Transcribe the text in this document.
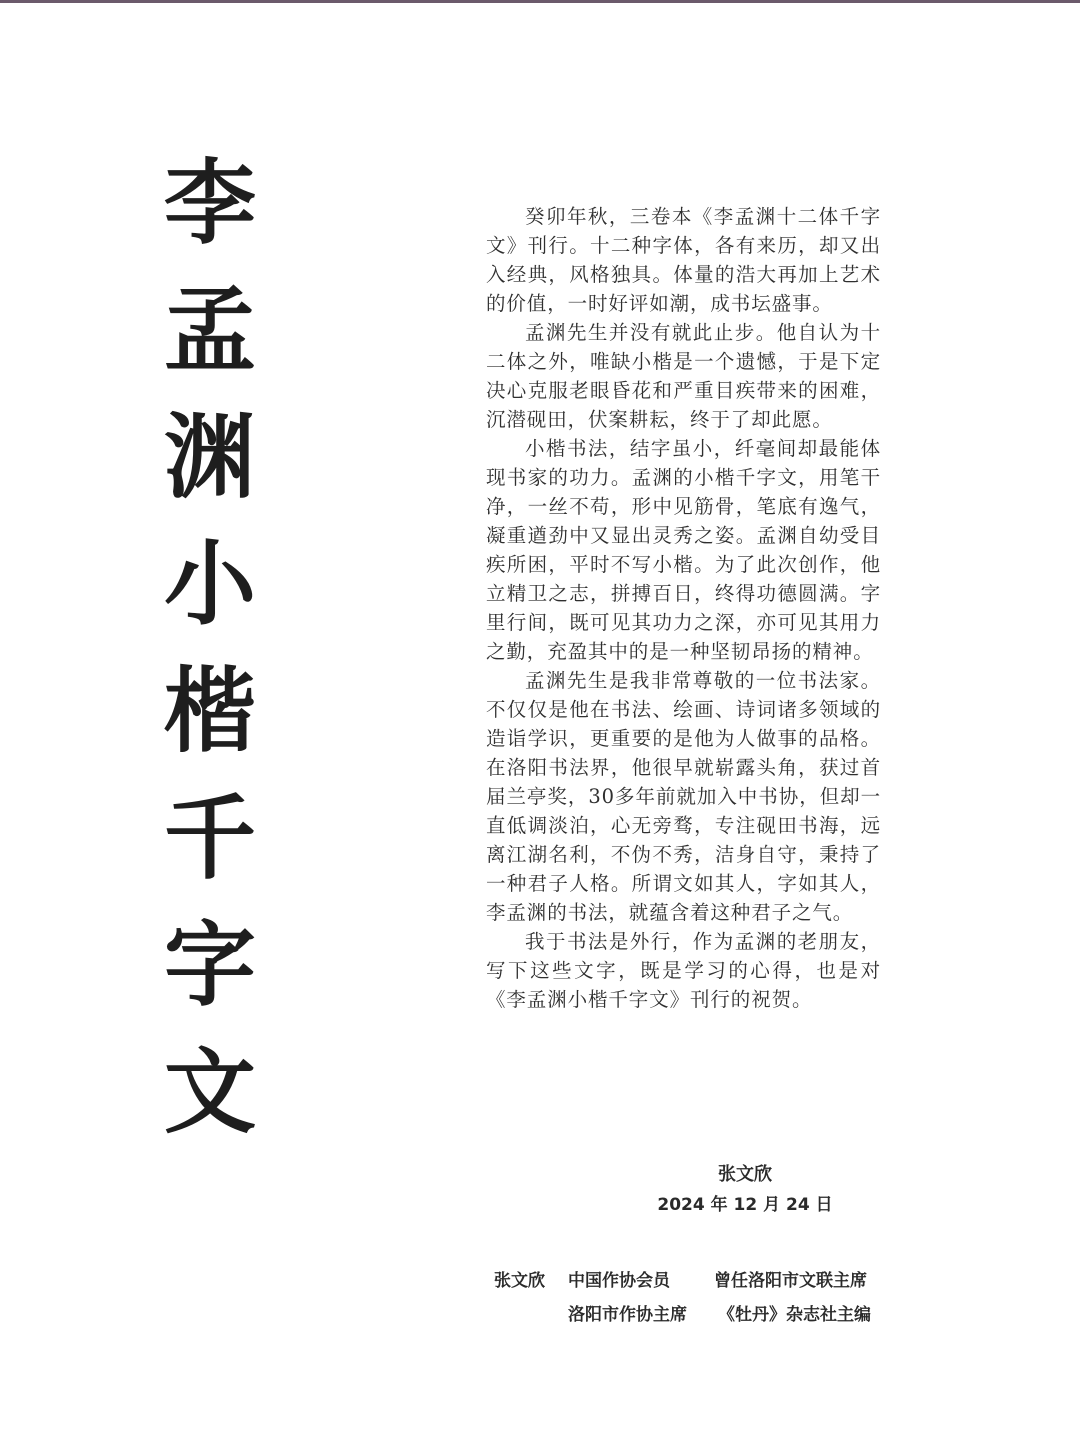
李
孟
渊
小
楷
千
字
文

癸卯年秋，三卷本《李孟渊十二体千字文》刊行。十二种字体，各有来历，却又出入经典，风格独具。体量的浩大再加上艺术的价值，一时好评如潮，成书坛盛事。

孟渊先生并没有就此止步。他自认为十二体之外，唯缺小楷是一个遗憾，于是下定决心克服老眼昏花和严重目疾带来的困难，沉潜砚田，伏案耕耘，终于了却此愿。

小楷书法，结字虽小，纤毫间却最能体现书家的功力。孟渊的小楷千字文，用笔干净，一丝不苟，形中见筋骨，笔底有逸气，凝重遒劲中又显出灵秀之姿。孟渊自幼受目疾所困，平时不写小楷。为了此次创作，他立精卫之志，拼搏百日，终得功德圆满。字里行间，既可见其功力之深，亦可见其用力之勤，充盈其中的是一种坚韧昂扬的精神。

孟渊先生是我非常尊敬的一位书法家。不仅仅是他在书法、绘画、诗词诸多领域的造诣学识，更重要的是他为人做事的品格。在洛阳书法界，他很早就崭露头角，获过首届兰亭奖，30多年前就加入中书协，但却一直低调淡泊，心无旁骛，专注砚田书海，远离江湖名利，不伪不秀，洁身自守，秉持了一种君子人格。所谓文如其人，字如其人，李孟渊的书法，就蕴含着这种君子之气。

我于书法是外行，作为孟渊的老朋友，写下这些文字，既是学习的心得，也是对《李孟渊小楷千字文》刊行的祝贺。

张文欣
2024 年 12 月 24 日
张文欣 中国作协会员	曾任洛阳市文联主席
洛阳市作协主席 《牡丹》杂志社主编
